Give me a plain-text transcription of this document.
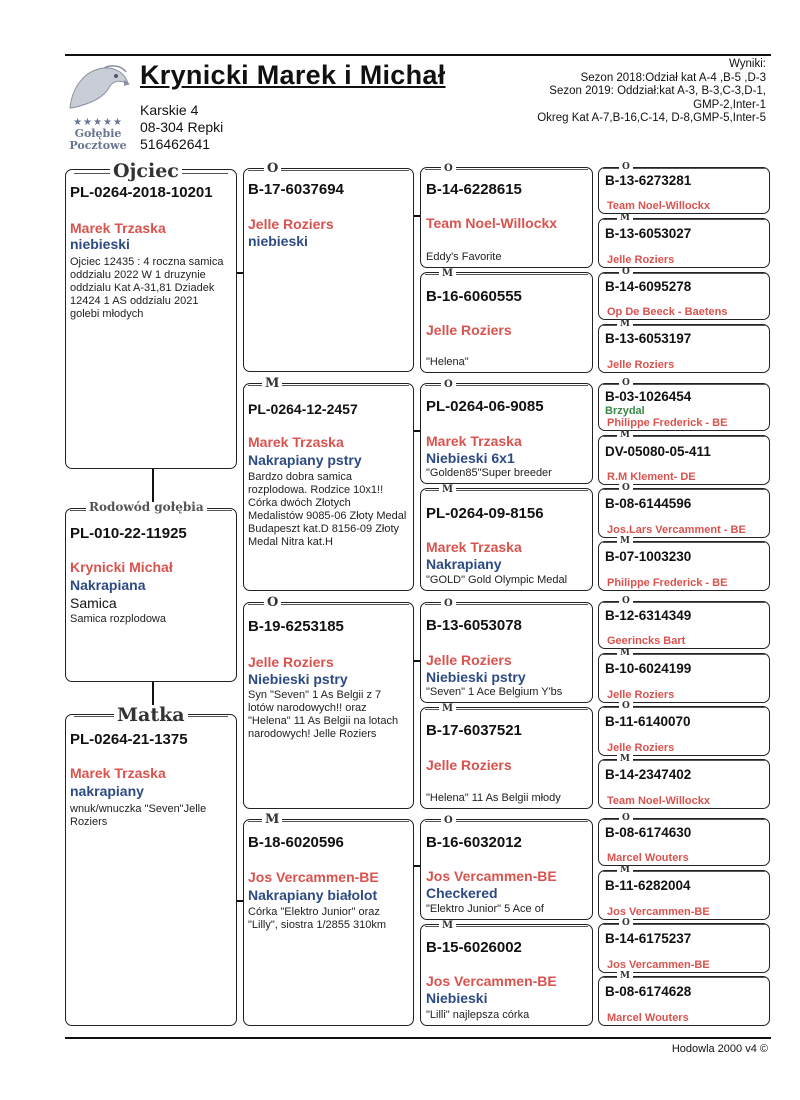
★★★★★
Gołębie
Pocztowe
Krynicki Marek i Michał
Karskie 4
08-304 Repki
516462641
Wyniki:
Sezon 2018:Odział kat A-4 ,B-5 ,D-3
Sezon 2019: Oddział:kat A-3, B-3,C-3,D-1,
GMP-2,Inter-1
Okreg Kat A-7,B-16,C-14, D-8,GMP-5,Inter-5
Ojciec
PL-0264-2018-10201
Marek Trzaska
niebieski
Ojciec 12435 : 4 roczna samica oddzialu 2022 W 1 druzynie oddzialu Kat A-31,81 Dziadek 12424 1 AS oddzialu 2021 golebi młodych
Rodowód gołębia
PL-010-22-11925
Krynicki Michał
Nakrapiana
Samica
Samica rozplodowa
Matka
PL-0264-21-1375
Marek Trzaska
nakrapiany
wnuk/wnuczka "Seven"Jelle Roziers
O
B-17-6037694
Jelle Roziers
niebieski
M
PL-0264-12-2457
Marek Trzaska
Nakrapiany pstry
Bardzo dobra samica rozplodowa. Rodzice 10x1!! Córka dwóch Złotych Medalistów 9085-06 Złoty Medal Budapeszt kat.D 8156-09 Złoty Medal Nitra kat.H
O
B-19-6253185
Jelle Roziers
Niebieski pstry
Syn "Seven" 1 As Belgii z 7 lotów narodowych!! oraz "Helena" 11 As Belgii na lotach narodowych! Jelle Roziers
M
B-18-6020596
Jos Vercammen-BE
Nakrapiany białolot
Córka "Elektro Junior" oraz "Lilly", siostra 1/2855 310km
O
B-14-6228615
Team Noel-Willockx
Eddy's Favorite
M
B-16-6060555
Jelle Roziers
"Helena"
O
PL-0264-06-9085
Marek Trzaska
Niebieski 6x1
"Golden85"Super breeder
M
PL-0264-09-8156
Marek Trzaska
Nakrapiany
"GOLD" Gold Olympic Medal
O
B-13-6053078
Jelle Roziers
Niebieski pstry
"Seven" 1 Ace Belgium Y'bs
M
B-17-6037521
Jelle Roziers
"Helena" 11 As Belgii młody
O
B-16-6032012
Jos Vercammen-BE
Checkered
"Elektro Junior" 5 Ace of
M
B-15-6026002
Jos Vercammen-BE
Niebieski
"Lilli" najlepsza córka
O
B-13-6273281
Team Noel-Willockx
M
B-13-6053027
Jelle Roziers
O
B-14-6095278
Op De Beeck - Baetens
M
B-13-6053197
Jelle Roziers
O
B-03-1026454
Brzydal
Philippe Frederick - BE
M
DV-05080-05-411
R.M Klement- DE
O
B-08-6144596
Jos.Lars Vercamment - BE
M
B-07-1003230
Philippe Frederick - BE
O
B-12-6314349
Geerincks Bart
M
B-10-6024199
Jelle Roziers
O
B-11-6140070
Jelle Roziers
M
B-14-2347402
Team Noel-Willockx
O
B-08-6174630
Marcel Wouters
M
B-11-6282004
Jos Vercammen-BE
O
B-14-6175237
Jos Vercammen-BE
M
B-08-6174628
Marcel Wouters
Hodowla 2000 v4 ©
